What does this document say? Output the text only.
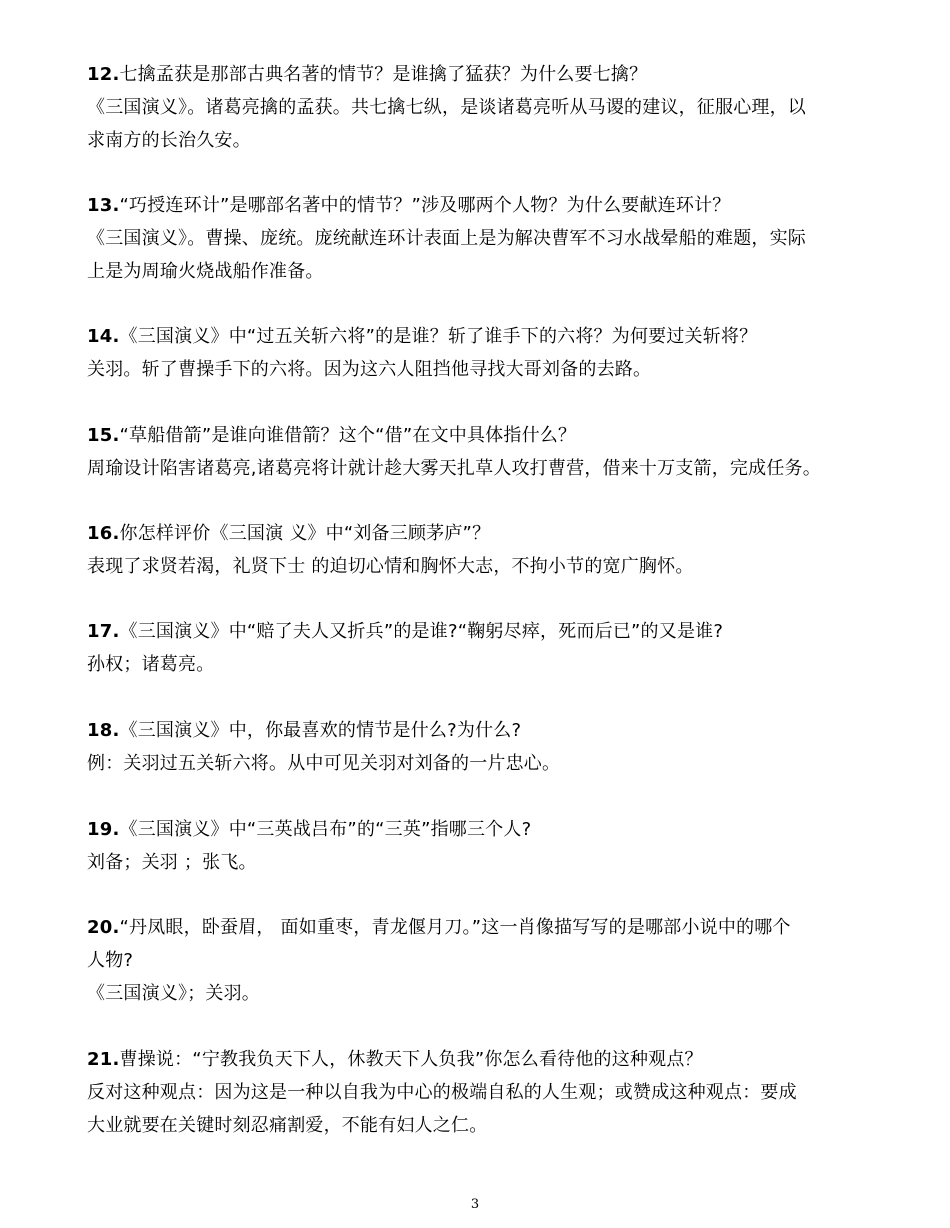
12.七擒孟获是那部古典名著的情节？是谁擒了猛获？为什么要七擒？
《三国演义》。诸葛亮擒的孟获。共七擒七纵，是谈诸葛亮听从马谡的建议，征服心理，以
求南方的长治久安。
13.“巧授连环计”是哪部名著中的情节？”涉及哪两个人物？为什么要献连环计？
《三国演义》。曹操、庞统。庞统献连环计表面上是为解决曹军不习水战晕船的难题，实际
上是为周瑜火烧战船作准备。
14.《三国演义》中“过五关斩六将”的是谁？斩了谁手下的六将？为何要过关斩将？
关羽。斩了曹操手下的六将。因为这六人阻挡他寻找大哥刘备的去路。
15.“草船借箭”是谁向谁借箭？这个“借”在文中具体指什么？
周瑜设计陷害诸葛亮,诸葛亮将计就计趁大雾天扎草人攻打曹营，借来十万支箭，完成任务。
16.你怎样评价《三国演 义》中“刘备三顾茅庐”？
表现了求贤若渴，礼贤下士 的迫切心情和胸怀大志，不拘小节的宽广胸怀。
17.《三国演义》中“赔了夫人又折兵”的是谁?“鞠躬尽瘁，死而后已”的又是谁?
孙权；诸葛亮。
18.《三国演义》中，你最喜欢的情节是什么?为什么?
例：关羽过五关斩六将。从中可见关羽对刘备的一片忠心。
19.《三国演义》中“三英战吕布”的“三英”指哪三个人?
刘备；关羽 ；张飞。
20.“丹凤眼，卧蚕眉， 面如重枣，青龙偃月刀。”这一肖像描写写的是哪部小说中的哪个
人物?
《三国演义》；关羽。
21.曹操说：“宁教我负天下人，休教天下人负我”你怎么看待他的这种观点？
反对这种观点：因为这是一种以自我为中心的极端自私的人生观；或赞成这种观点：要成
大业就要在关键时刻忍痛割爱，不能有妇人之仁。
3
